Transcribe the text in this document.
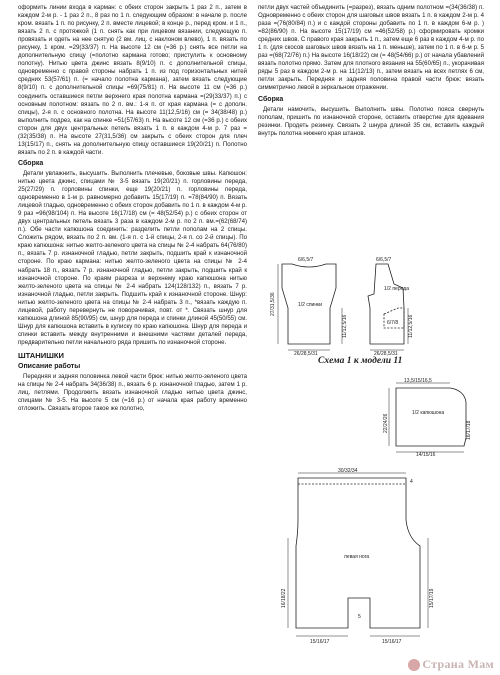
оформить линии входа в карман: с обеих сторон закрыть 1 раз 2 п., затем в каждом 2-м р. - 1 раз 2 п., 8 раз по 1 п. следующим образом: в начале р. после кром. вязать 1 п. по рисунку, 2 п. вместе лицевой; в конце р., перед кром. и 1 п., вязать 2 п. с протяжкой (1 п. снять как при лицевом вязании, следующую п. провязать и одеть на нее снятую (2 вм. лиц. с наклоном влево), 1 п. вязать по рисунку, 1 кром. =29(33/37) п. На высоте 12 см (=36 р.) снять все петли на дополнительную спицу (=полотно кармана готово; пристулить к основному полотну). Нитью цвета джинс вязать 8(9/10) п. с дополнительной спицы, одновременно с правой стороны набрать 1 п. из под горизонтальных нитей средних 53(57/61) п. (= начало полотна кармана), затем вязать следующие 8(9/10) п. с дополнительной спицы =69(75/81) п. На высоте 11 см (=36 р.) соединить оставшиеся петли верхнего края полотна кармана =(29(33/37) п.) с основным полотном: вязать по 2 п. вм.: 1-я п. от края кармана (= с дополн. спицы), 2-я п. с основного полотна. На высоте 11(12,5/16) см (= 34(38/48) р.) выполнить подрез, как на спинке =51(57/63) п. На высоте 12 см (=36 р.) с обеих сторон для двух центральных петель вязать 1 п. в каждом 4-м р. 7 раз =(32(35/38) п. На высоте 27(31,5/36) см закрыть с обеих сторон для плеч 13(15/17) п., снять на дополнительную спицу оставшиеся 19(20/21) п. Полотно вязать по 2 п. в каждой части.

Сборка

Детали увлажнить, высушить. Выполнить плечевые, боковые швы. Капюшон: нитью цвета джинс, спицами № 3-5 вязать 19(20/21) п. горловины переда, 25(27/29) п. горловины спинки, еще 19(20/21) п. горловины переда, одновременно в 1-м р. равномерно добавить 15(17/19) п. =78(84/90) п. Вязать лицевой гладью, одновременно с обеих сторон добавить по 1 п. в каждом 4-м р. 9 раз =96(98/104) п. На высоте 16(17/18) см (= 48(52/54) р.) с обеих сторон от двух центральных петель вязать 3 раза в каждом 2-м р. по 2 п. вм.=(62(68/74) п.). Обе части капюшона соединить: разделить петли пополам на 2 спицы. Сложить рядом, вязать по 2 п. вм. (1-я п. с 1-й спицы, 2-я п. со 2-й спицы). По краю капюшона: нитью желто-зеленого цвета на спицы № 2-4 набрать 64(76/80) п., вязать 7 р. изнаночной гладью, петли закрыть, подшить край к изнаночной стороне. По краю кармана: нитью желто-зеленого цвета на спицы № 2-4 набрать 18 п., вязать 7 р. изнаночной гладью, петли закрыть, подшить край к изнаночной стороне. По краям разреза и верхнему краю капюшона нитью желто-зеленого цвета на спицы № 2-4 набрать 124(128/132) п., вязать 7 р. изнаночной гладью, петли закрыть. Подшить край к изнаночной стороне. Шнур: нитью желто-зеленого цвета на спицы № 2-4 набрать 3 п., *вязать каждую п. лицевой, работу перевернуть не поворачивая, повт. от *. Связать шнур для капюшона длиной 85(90/95) см, шнур для переда и спинки длиной 45(50/55) см. Шнур для капюшона вставить в кулиску по краю капюшона. Шнур для переда и спинки вставить между внутренними и внешними частями деталей переда, предварительно петли начального ряда пришить по изнаночной стороне.

ШТАНИШКИ
Описание работы

Передняя и задняя половинка левой части брюк: нитью желто-зеленого цвета на спицы № 2-4 набрать 34(36/38) п., вязать 6 р. изнаночной гладью, затем 1 р. лиц. петлями. Продолжить вязать изнаночной гладью нитью цвета джинс, спицами № 3-5. На высоте 5 см (=16 р.) от начала края работу временно отложить. Связать второе такое же полотно,

петли двух частей объединить (=разрез), вязать одним полотном =(34(36/38) п. Одновременно с обеих сторон для шаговых швов вязать 1 п. в каждом 2-м р. 4 раза =(76(80/84) п.) и с каждой стороны добавить по 1 п. в каждом 6-м р. ) =82(86/90) п. На высоте 15(17/19) см =46(52/58) р.) сформировать кромки средних швов. С правого края закрыть 1 п., затем еще 6 раз в каждом 4-м р. по 1 п. (для скосов шаговых швов вязать на 1 п. меньше), затем по 1 п. в 6-м р. 5 раз =(68(72/76) п.) На высоте 16(18/22) см (= 48(54/66) р.) от начала убавлений вязать полотно прямо. Затем для плотного вязания на 55(60/65) п., укорачивая ряды 5 раз в каждом 2-м р. на 11(12/13) п., затем вязать на всех петлях 6 см, петли закрыть. Передняя и задняя половина правой части брюк: вязать симметрично левой в зеркальном отражении.

Сборка

Детали намочить, высушить. Выполнить швы. Полотно пояса свернуть пополам, пришить по изнаночной стороне, оставить отверстие для вдевания резинки. Продеть резинку. Связать 2 шнура длиной 35 см, вставить каждый внутрь полотна нижнего края штанов.

6/6,5/7
27/31,5/36	1/2 спинки
11/12,5/16
26/28,5/31
6/6,5/7
1/2 переда
6/7/8 11/12,5/16
26/28,5/31
Схема 1 к модели 11
13,5/15/16,5
22/24/26
1/2 капюшона
16/17/18
14/15/16
30/32/34
4
левая нога
16/18/22	15/17/19
5
15/16/17	15/16/17
Страна Мам
